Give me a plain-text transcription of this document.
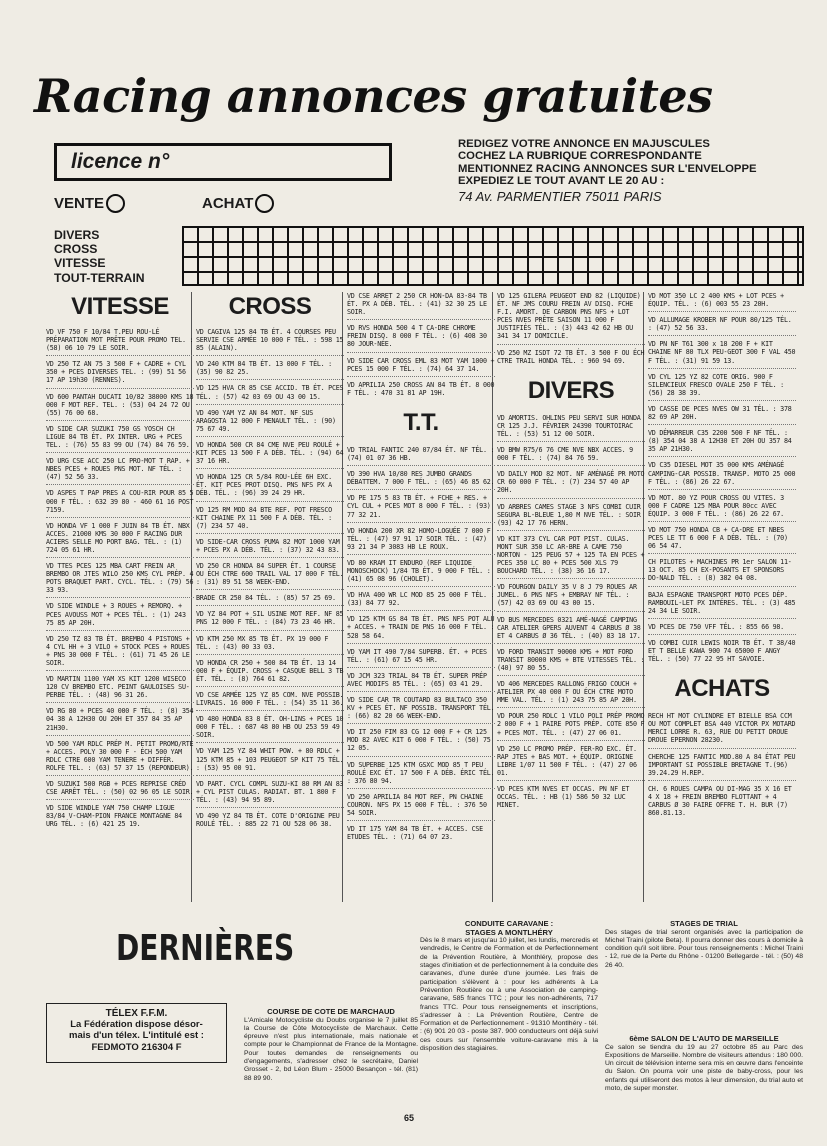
Racing annonces gratuites
licence n°
REDIGEZ VOTRE ANNONCE EN MAJUSCULES
COCHEZ LA RUBRIQUE CORRESPONDANTE
MENTIONNEZ RACING ANNONCES SUR L'ENVELOPPE
EXPEDIEZ LE TOUT AVANT LE 20 AU :
74 Av. PARMENTIER 75011 PARIS
VENTE	ACHAT
DIVERS
CROSS
VITESSE
TOUT-TERRAIN
VITESSE
VD VF 750 F 10/84 T.PEU ROU-LÉ PRÉPARATION MOT PRÊTE POUR PROMO TEL. : (58) 06 10 79 LE SOIR.
VD 250 TZ AN 75 3 500 F + CADRE + CYL 350 + PCES DIVERSES TEL. : (99) 51 56 17 AP 19h30 (RENNES).
VD 600 PANTAH DUCATI 10/82 38000 KMS 18 000 F MOT REF. TEL. : (53) 04 24 72 OU (55) 76 00 68.
VD SIDE CAR SUZUKI 750 GS YOSCH CH LIGUE 84 TB ÉT. PX INTER. URG + PCES TEL. : (76) 55 83 99 OU (74) 84 76 59.
VD URG CSE ACC 250 LC PRO-MOT T RAP. + NBES PCES + ROUES PNS MOT. NF TÉL. : (47) 52 56 33.
VD ASPES T PAP PRES A COU-RIR POUR 85 5 000 F TÉL. : 632 39 80 - 460 61 16 POST 7159.
VD HONDA VF 1 000 F JUIN 84 TB ÉT. NBX ACCES. 21000 KMS 30 000 F RACING DUR ACIERS SELLE MO PORT BAG. TÉL. : (1) 724 05 61 HR.
VD TTES PCES 125 MBA CART FREIN AR BREMBO OR JTES WILO 250 KMS CYL PRÉP. 4 POTS BRAQUET PART. CYCL. TÉL. : (79) 56 33 93.
VD SIDE WINDLE + 3 ROUES + REMORQ. + PCES AVOUSS MOT + PCES TÉL. : (1) 243 75 85 AP 20H.
VD 250 TZ 83 TB ÉT. BREMBO 4 PISTONS + 4 CYL HH + 3 VILO + STOCK PCES + ROUES + PNS 30 000 F TÉL. : (61) 71 45 26 LE SOIR.
VD MARTIN 1100 YAM XS KIT 1200 WISECO 120 CV BREMBO ETC. PEINT GAULOISES SU-PERBE TÉL. : (48) 96 31 26.
VD RG 80 + PCES 40 000 F TÉL. : (8) 354 04 38 A 12H30 OU 20H ET 357 84 35 AP 21H30.
VD 500 YAM RDLC PRÉP M. PETIT PROMO/RTE + ACCES. POLY 30 000 F - ÉCH 500 YAM RDLC CTRE 600 YAM TENERE + DIFFÉR. ROLFE TEL. : (63) 57 37 15 (REPONDEUR).
VD SUZUKI 500 RGB + PCES REPRISE CRÉD CSE ARRÊT TÉL. : (50) 02 96 05 LE SOIR.
VD SIDE WINDLE YAM 750 CHAMP LIGUE 83/84 V-CHAM-PION FRANCE MONTAGNE 84 URG TÉL. : (6) 421 25 19.
CROSS
VD CAGIVA 125 84 TB ÉT. 4 COURSES PEU SERVIE CSE ARMÉE 10 000 F TÉL. : 598 15 85 (ALAIN).
VD 240 KTM 84 TB ÉT. 13 000 F TÉL. : (35) 90 82 25.
VD 125 HVA CR 85 CSE ACCID. TB ÉT. PCES TÉL. : (57) 42 03 69 OU 43 00 15.
VD 490 YAM YZ AN 84 MOT. NF SUS ARAGOSTA 12 000 F MENAULT TÉL. : (90) 75 67 49.
VD HONDA 500 CR 84 CME NVE PEU ROULÉ + KIT PCES 13 500 F A DÉB. TÉL. : (94) 64 37 16 HR.
VD HONDA 125 CR 5/84 ROU-LÉE 6H EXC. ÉT. KIT PCES PROT DISQ. PNS NFS PX A DÉB. TÉL. : (96) 39 24 29 HR.
VD 125 RM MOD 84 BTE REF. POT FRESCO KIT CHAINE PX 11 500 F A DÉB. TÉL. : (7) 234 57 40.
VD SIDE-CAR CROSS PUMA 82 MOT 1000 YAM + PCES PX A DÉB. TÉL. : (37) 32 43 83.
VD 250 CR HONDA 84 SUPER ÉT. 1 COURSE OU ÉCH CTRE 600 TRAIL VAL 17 000 F TÉL. : (31) 89 51 58 WEEK-END.
BRADE CR 250 84 TÉL. : (85) 57 25 69.
VD YZ 84 POT + SIL USINE MOT REF. NF 85 PNS 12 000 F TÉL. : (84) 73 23 46 HR.
VD KTM 250 MX 85 TB ÉT. PX 19 000 F TÉL. : (43) 00 33 03.
VD HONDA CR 250 + 500 84 TB ÉT. 13 14 000 F + ÉQUIP. CROSS + CASQUE BELL 3 TB ÉT. TÉL. : (8) 764 61 82.
VD CSE ARMÉE 125 YZ 85 COM. NVE POSSIB. LIVRAIS. 16 000 F TÉL. : (54) 35 11 36.
VD 480 HONDA 83 8 ÉT. OH-LINS + PCES 10 000 F TÉL. : 687 48 80 HB OU 253 59 49 SOIR.
VD YAM 125 YZ 84 WHIT POW. + 80 RDLC + 125 KTM 85 + 103 PEUGEOT SP KIT 75 TÉL. : (53) 95 00 91.
VD PART. CYCL COMPL SUZU-KI 80 RM AN 83 + CYL PIST CULAS. RADIAT. BT. 1 800 F TÉL. : (43) 94 95 89.
VD 490 YZ 84 TB ÉT. COTE D'ORIGINE PEU ROULÉ TÉL. : 885 22 71 OU 528 06 38.
VD CSE ARRET 2 250 CR HON-DA 83-84 TB ÉT. PX A DÉB. TÉL. : (41) 32 30 25 LE SOIR.
VD RVS HONDA 500 4 T CA-DRE CHROME FREIN DISQ. 8 000 F TÉL. : (6) 408 30 80 JOUR-NÉE.
VD SIDE CAR CROSS EML 83 MOT YAM 1000 + PCES 15 000 F TÉL. : (74) 64 37 14.
VD APRILIA 250 CROSS AN 84 TB ÉT. 8 000 F TÉL. : 470 31 81 AP 19H.
T.T.
VD TRIAL FANTIC 240 07/84 ÉT. NF TÉL. : (74) 01 07 36 HB.
VD 390 HVA 10/80 RES JUMBO GRANDS DÉBATTEM. 7 000 F TÉL. : (65) 46 85 62.
VD PE 175 5 83 TB ÉT. + FCHE + RES. + CYL CUL + PCES MOT 8 000 F TÉL. : (93) 77 32 21.
VD HONDA 200 XR 82 HOMO-LOGUÉE 7 000 F TÉL. : (47) 97 91 17 SOIR TÉL. : (47) 93 21 34 P 3083 HB LE ROUX.
VD 80 KRAM IT ENDURO (REF LIQUIDE MONOSCHOCK) 1/84 TB ÉT. 9 000 F TÉL. : (41) 65 08 96 (CHOLET).
VD HVA 400 WR LC MOD 85 25 000 F TÉL. : (33) 84 77 92.
VD 125 KTM GS 84 TB ÉT. PNS NFS POT ALU + ACCES. + TRAIN DE PNS 16 000 F TÉL. : 528 58 64.
VD YAM IT 490 7/84 SUPERB. ÉT. + PCES TÉL. : (61) 67 15 45 HR.
VD JCM 323 TRIAL 84 TB ÉT. SUPER PRÉP AVEC MODIFS 85 TÉL. : (65) 03 41 29.
VD SIDE CAR TR COUTARD 83 BULTACO 350 KV + PCES ÉT. NF POSSIB. TRANSPORT TÉL. : (66) 82 20 66 WEEK-END.
VD IT 250 FIM 83 CG 12 000 F + CR 125 MOD 82 AVEC KIT 6 000 F TÉL. : (50) 75 12 05.
VD SUPERBE 125 KTM GSXC MOD 85 T PEU ROULÉ EXC ÉT. 17 500 F A DÉB. ÉRIC TÉL. : 376 80 94.
VD 250 APRILIA 84 MOT REF. PN CHAINE COURON. NFS PX 15 000 F TÉL. : 376 50 54 SOIR.
VD IT 175 YAM 84 TB ÉT. + ACCES. CSE ETUDES TÉL. : (71) 64 07 23.
VD 125 GILERA PEUGEOT END 82 (LIQUIDE) ÉT. NF JMS COURU FREIN AV DISQ. FCHE F.I. AMORT. DE CARBON PNS NFS + LOT PCES NVES PRÊTE SAISON 11 000 F JUSTIFIÉS TÉL. : (3) 443 42 62 HB OU 341 34 17 DOMICILE.
VD 250 MZ ISDT 72 TB ÉT. 3 500 F OU ÉCH CTRE TRAIL HONDA TÉL. : 960 94 69.
DIVERS
VD AMORTIS. OHLINS PEU SERVI SUR HONDA CR 125 J.J. FÉVRIER 24390 TOURTOIRAC TÉL. : (53) 51 12 00 SOIR.
VD BMW R75/6 76 CME NVE NBX ACCES. 9 000 F TÉL. : (74) 84 76 59.
VD DAILY MOD 82 MOT. NF AMÉNAGÉ PR MOTO CR 60 000 F TÉL. : (7) 234 57 40 AP 20H.
VD ARBRES CAMES STAGE 3 NFS COMBI CUIR SEGURA BL-BLEUE 1,80 M NVE TÉL. : SOIR (93) 42 17 76 HERN.
VD KIT 373 CYL CAR POT PIST. CULAS. MONT SUR 350 LC AR-BRE A CAME 750 NORTON - 125 PEUG 57 + 125 TA EN PCES + PCES 350 LC 80 + PCES 500 XLS 79 BOUCHARD TÉL. : (38) 36 16 17.
VD FOURGON DAILY 35 V 8 J 79 ROUES AR JUMEL. 6 PNS NFS + EMBRAY NF TÉL. : (57) 42 03 69 OU 43 00 15.
VD BUS MERCEDES 0321 AMÉ-NAGÉ CAMPING CAR ATELIER GPERS AUVENT 4 CARBUS Ø 38 ET 4 CARBUS Ø 36 TÉL. : (40) 83 18 17.
VD FORD TRANSIT 90000 KMS + MOT FORD TRANSIT 80000 KMS + BTE VITESSES TÉL. : (40) 97 80 55.
VD 406 MERCEDES RALLONG FRIGO COUCH + ATELIER PX 40 000 F OU ÉCH CTRE MOTO MME VAL. TÉL. : (1) 243 75 85 AP 20H.
VD POUR 250 RDLC 1 VILO POLI PRÉP PROMO 2 000 F + 1 PAIRE POTS PRÉP. COTE 850 F + PCES MOT. TÉL. : (47) 27 06 01.
VD 250 LC PROMO PRÉP. FER-RO EXC. ÉT. RAP JTES + BAS MOT. + ÉQUIP. ORIGINE LIBRE 1/07 11 500 F TÉL. : (47) 27 06 01.
VD PCES KTM NVES ET OCCAS. PN NF ET OCCAS. TÉL. : HB (1) 586 50 32 LUC MINET.
VD MOT 350 LC 2 400 KMS + LOT PCES + ÉQUIP. TÉL. : (6) 003 55 23 20H.
VD ALLUMAGE KROBER NF POUR 80/125 TÉL. : (47) 52 56 33.
VD PN NF T61 300 x 18 200 F + KIT CHAINE NF 80 TLX PEU-GEOT 300 F VAL 450 F TÉL. : (31) 91 59 13.
VD CYL 125 YZ 82 COTE ORIG. 900 F SILENCIEUX FRESCO OVALE 250 F TÉL. : (56) 28 38 39.
VD CASSE DE PCES NVES OW 31 TÉL. : 378 82 69 AP 20H.
VD DÉMARREUR C35 2200 500 F NF TÉL. : (8) 354 04 38 A 12H30 ET 20H OU 357 84 35 AP 21H30.
VD C35 DIESEL MOT 35 000 KMS AMÉNAGÉ CAMPING-CAR POSSIB. TRANSP. MOTO 25 000 F TÉL. : (86) 26 22 67.
VD MOT. 80 YZ POUR CROSS OU VITES. 3 000 F CADRE 125 MBA POUR 80cc AVEC ÉQUIP. 3 000 F TÉL. : (86) 26 22 67.
VD MOT 750 HONDA CB + CA-DRE ET NBES PCES LE TT 6 000 F A DÉB. TÉL. : (70) 06 54 47.
CH PILOTES + MACHINES PR 1er SALON 11-13 OCT. 85 CH EX-POSANTS ET SPONSORS DO-NALD TÉL. : (8) 382 04 08.
BAJA ESPAGNE TRANSPORT MOTO PCES DÉP. RAMBOUIL-LET PX INTÉRES. TÉL. : (3) 485 24 34 LE SOIR.
VD PCES DE 750 VFF TÉL. : 855 66 98.
VD COMBI CUIR LEWIS NOIR TB ÉT. T 38/40 ET T BELLE KAWA 900 74 65000 F ANGY TÉL. : (50) 77 22 95 HT SAVOIE.
ACHATS
RECH HT MOT CYLINDRE ET BIELLE BSA CCM OU MOT COMPLET BSA 440 VICTOR PX MOTARD MERCI LORRE R. 63, RUE DU PETIT DROUE DROUE EPERNON 28230.
CHERCHE 125 FANTIC MOD.80 A 84 ÉTAT PEU IMPORTANT SI POSSIBLE BRETAGNE T.(96) 39.24.29 H.REP.
CH. 6 ROUES CAMPA OU DI-MAG 35 X 16 ET 4 X 18 + FREIN BREMBO FLOTTANT + 4 CARBUS Ø 30 FAIRE OFFRE T. H. BUR (7) 860.81.13.
DERNIÈRES
TÉLEX F.F.M.
La Fédération dispose désor-
mais d'un télex. L'intitulé est :
FEDMOTO 216304 F
COURSE DE COTE DE MARCHAUD
L'Amicale Motocycliste du Doubs organise le 7 juillet 85 la Course de Côte Motocycliste de Marchaux. Cette épreuve n'est plus internationale, mais nationale et compte pour le Championnat de France de la Montagne. Pour toutes demandes de renseignements ou d'engagements, s'adresser chez le secrétaire, Daniel Grosset - 2, bd Léon Blum - 25000 Besançon - tél. (81) 88 89 90.
CONDUITE CARAVANE :
STAGES A MONTLHÉRY
Dès le 8 mars et jusqu'au 10 juillet, les lundis, mercredis et vendredis, le Centre de Formation et de Perfectionnement de la Prévention Routière, à Monthléry, propose des stages d'initiation et de perfectionnement à la conduite des caravanes, d'une durée d'une journée. Les frais de participation s'élèvent à : pour les adhérents à La Prévention Routière ou à une Association de camping-caravane, 585 francs TTC ; pour les non-adhérents, 717 francs TTC. Pour tous renseignements et inscriptions, s'adresser à : La Prévention Routière, Centre de Formation et de Perfectionnement - 91310 Montlhéry - tél. : (6) 901 20 03 - poste 387. 900 conducteurs ont déjà suivi ces cours sur l'ensemble voiture-caravane mis à la disposition des stagiaires.
STAGES DE TRIAL
Des stages de trial seront organisés avec la participation de Michel Traini (pilote Beta). Il pourra donner des cours à domicile à condition qu'il soit libre. Pour tous renseignements : Michel Traini - 12, rue de la Perte du Rhône - 01200 Bellegarde - tél. : (50) 48 26 40.
6ème SALON DE L'AUTO DE MARSEILLE
Ce salon se tiendra du 19 au 27 octobre 85 au Parc des Expositions de Marseille. Nombre de visiteurs attendus : 180 000. Un circuit de télévision interne sera mis en œuvre dans l'enceinte du Salon. On pourra voir une piste de baby-cross, pour les enfants qui utiliseront des motos à leur dimension, du trial auto et moto, de super monster.
65
